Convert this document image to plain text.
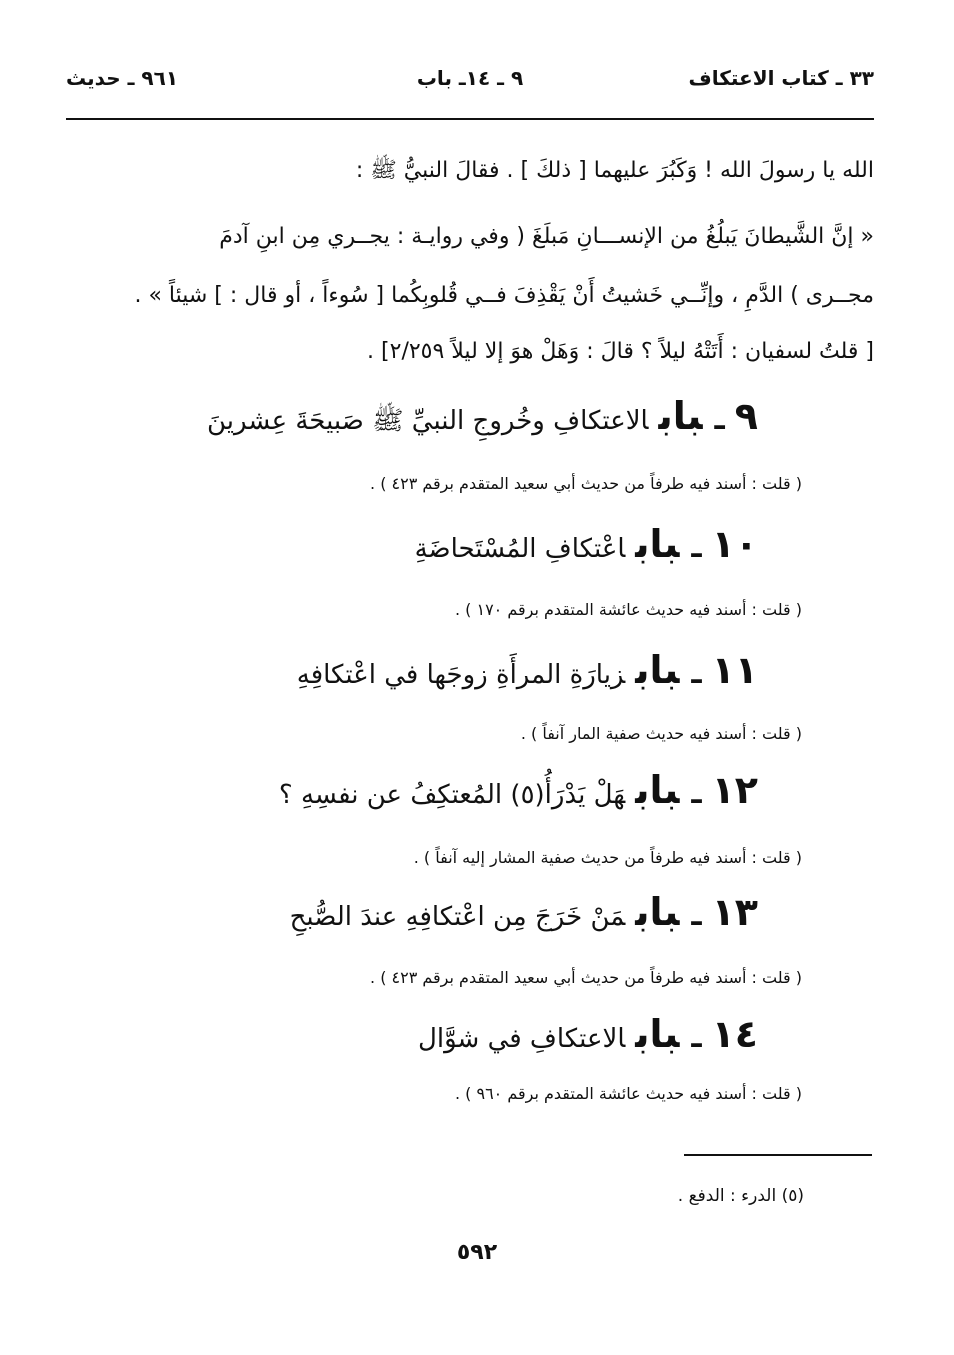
٣٣ ـ كتاب الاعتكاف
٩ ـ ١٤ـ باب
٩٦١ ـ حديث
الله يا رسولَ الله ! وَكَبُرَ عليهما [ ذلكَ ] . فقالَ النبيُّ ﷺ :
« إنَّ الشَّيطانَ يَبلُغُ من الإنســـانِ مَبلَغَ ( وفي روايـة : يجــري مِن ابنِ آدمَ
مجــرى ) الدَّمِ ، وإنِّــي خَشيتُ أَنْ يَقْذِفَ فــي قُلوبِكُما [ سُوءاً ، أو قال : ] شيئاً » .
[ قلتُ لسفيان : أَتَتْهُ ليلاً ؟ قالَ : وَهَلْ هوَ إلا ليلاً ٢/٢٥٩] .
٩ـبابالاعتكافِ وخُروجِ النبيِّ ﷺ صَبيحَةَ عِشرينَ
( قلت : أسند فيه طرفاً من حديث أبي سعيد المتقدم برقم ٤٢٣ ) .
١٠ـباباعْتكافِ المُسْتَحاضَةِ
( قلت : أسند فيه حديث عائشة المتقدم برقم ١٧٠ ) .
١١ـبابزيارَةِ المرأَةِ زوجَها في اعْتكافِهِ
( قلت : أسند فيه حديث صفية المار آنفاً ) .
١٢ـبابهَلْ يَدْرَأُ(٥) المُعتكِفُ عن نفسِهِ ؟
( قلت : أسند فيه طرفاً من حديث صفية المشار إليه آنفاً ) .
١٣ـبابمَنْ خَرَجَ مِن اعْتكافِهِ عندَ الصُّبحِ
( قلت : أسند فيه طرفاً من حديث أبي سعيد المتقدم برقم ٤٢٣ ) .
١٤ـبابالاعتكافِ في شوَّال
( قلت : أسند فيه حديث عائشة المتقدم برقم ٩٦٠ ) .
(٥) الدرء : الدفع .
٥٩٢
